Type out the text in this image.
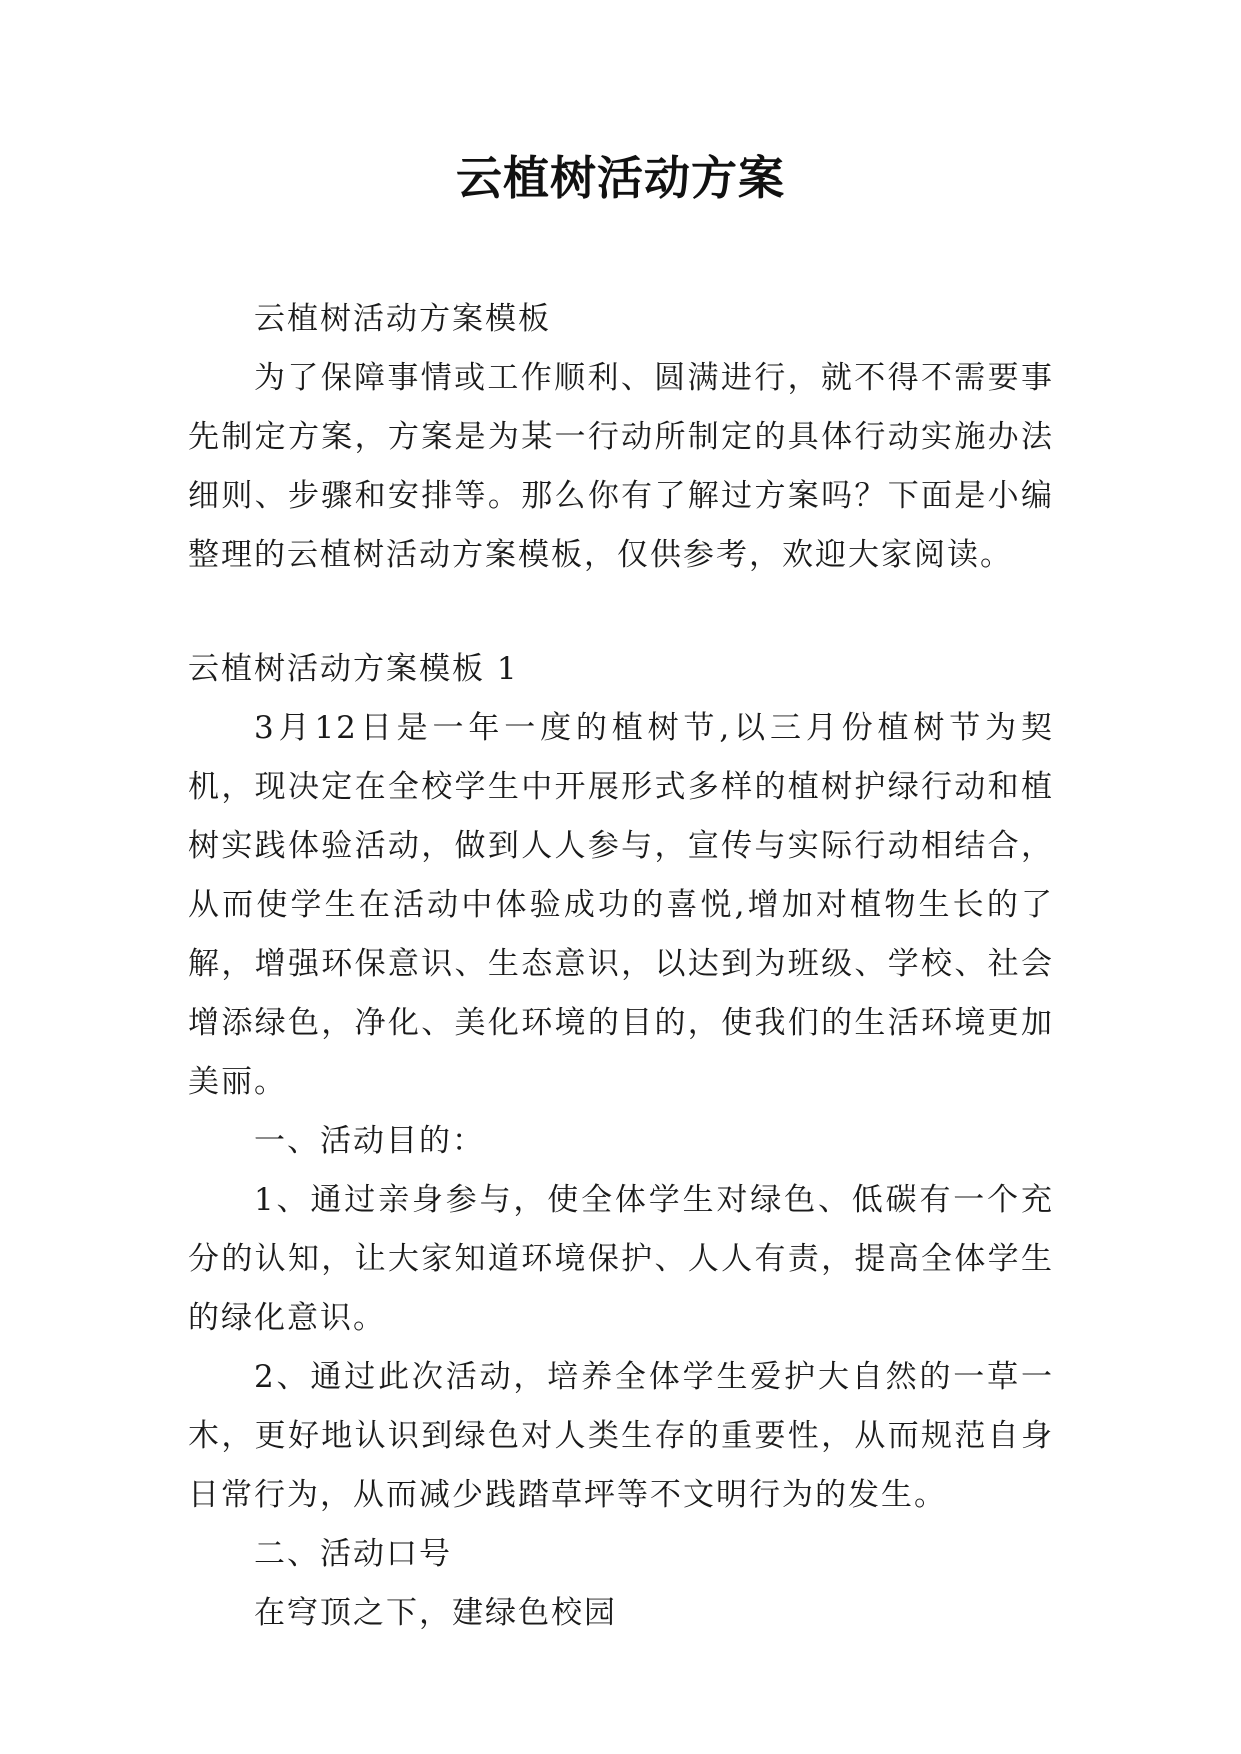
云植树活动方案

云植树活动方案模板

为了保障事情或工作顺利、圆满进行，就不得不需要事先制定方案，方案是为某一行动所制定的具体行动实施办法细则、步骤和安排等。那么你有了解过方案吗？下面是小编整理的云植树活动方案模板，仅供参考，欢迎大家阅读。

云植树活动方案模板 1

3月12日是一年一度的植树节,以三月份植树节为契机，现决定在全校学生中开展形式多样的植树护绿行动和植树实践体验活动，做到人人参与，宣传与实际行动相结合，从而使学生在活动中体验成功的喜悦,增加对植物生长的了解，增强环保意识、生态意识，以达到为班级、学校、社会增添绿色，净化、美化环境的目的，使我们的生活环境更加美丽。

一、活动目的：

1、通过亲身参与，使全体学生对绿色、低碳有一个充分的认知，让大家知道环境保护、人人有责，提高全体学生的绿化意识。

2、通过此次活动，培养全体学生爱护大自然的一草一木，更好地认识到绿色对人类生存的重要性，从而规范自身日常行为，从而减少践踏草坪等不文明行为的发生。

二、活动口号

在穹顶之下，建绿色校园
